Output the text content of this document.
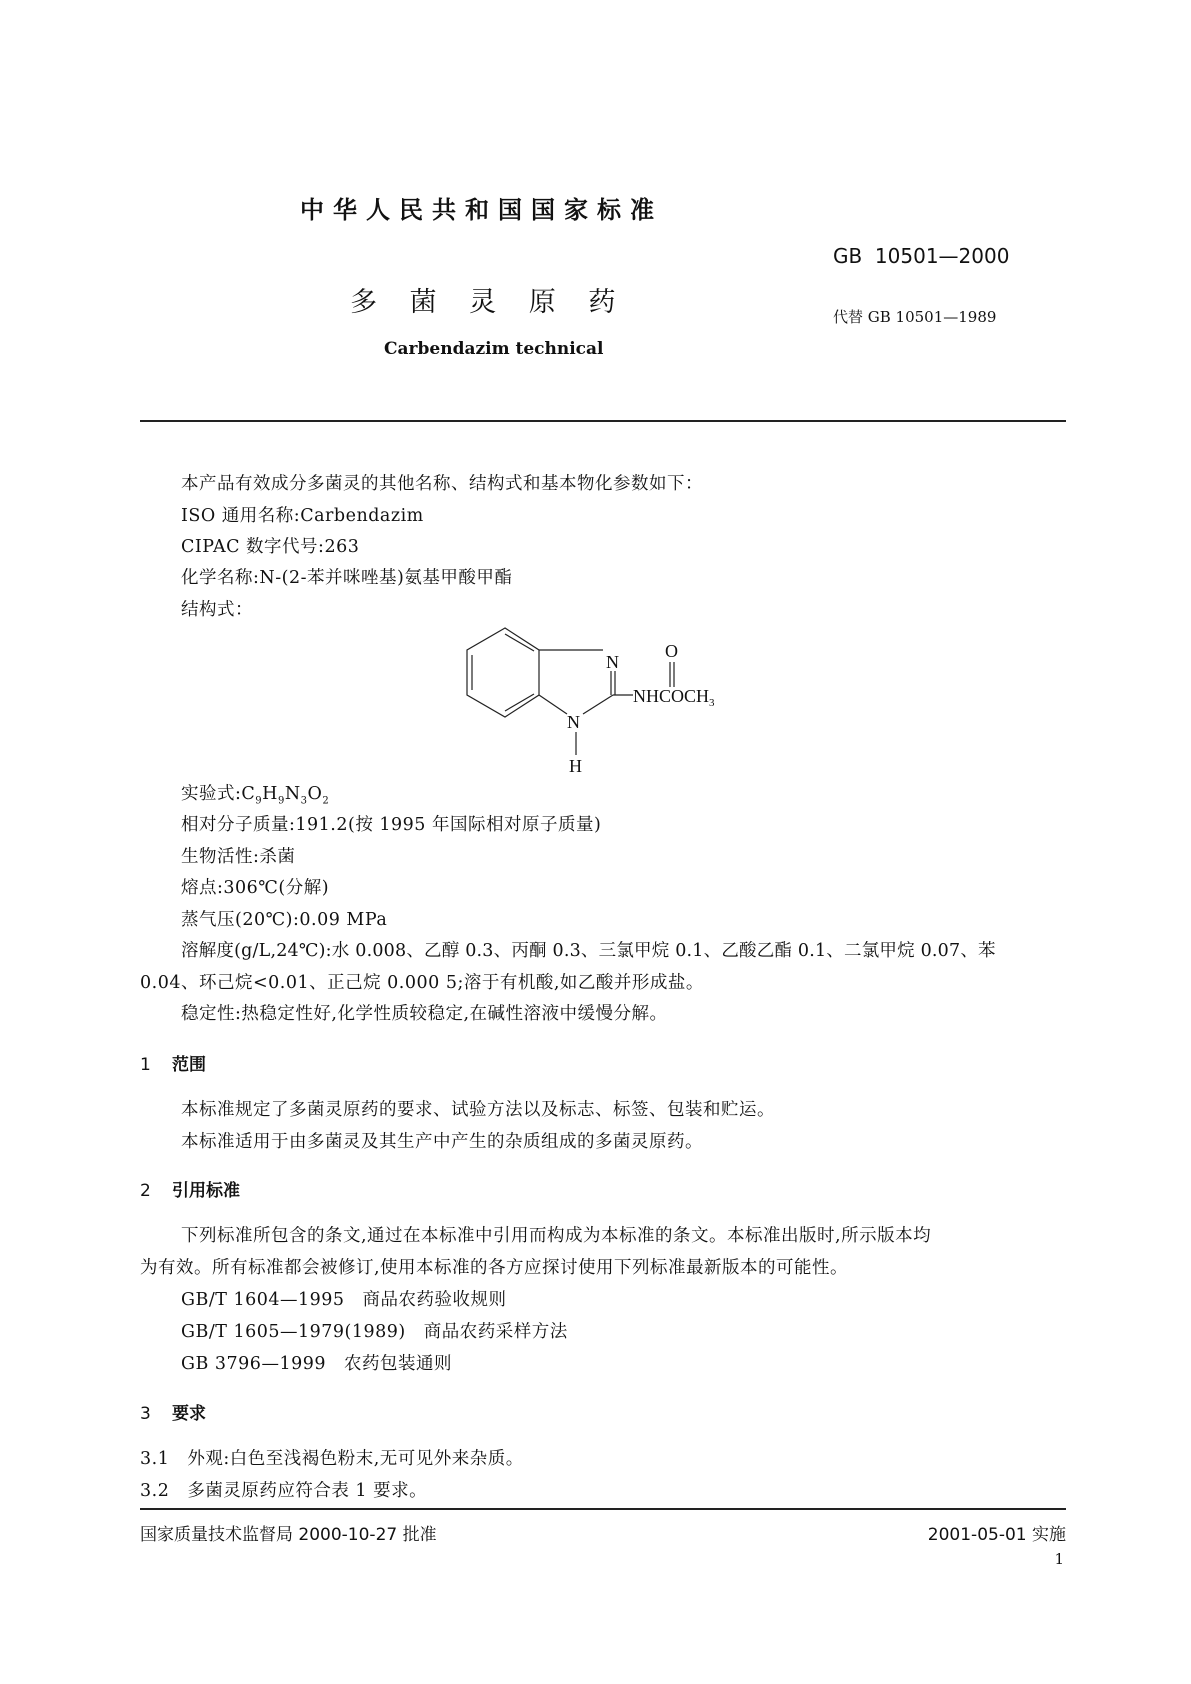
中华人民共和国国家标准
GB  10501—2000
多 菌 灵 原 药	代替 GB 10501—1989
Carbendazim technical
本产品有效成分多菌灵的其他名称、结构式和基本物化参数如下：
ISO 通用名称:Carbendazim
CIPAC 数字代号:263
化学名称:N-(2-苯并咪唑基)氨基甲酸甲酯
结构式：
N
N
H
O
$NHCOCH_3$
实验式$:C_9H_9N_3O_2$
相对分子质量:191.2(按 1995 年国际相对原子质量)
生物活性:杀菌
熔点:306℃(分解)
蒸气压(20℃):0.09 MPa
溶解度(g/L,24℃):水 0.008、乙醇 0.3、丙酮 0.3、三氯甲烷 0.1、乙酸乙酯 0.1、二氯甲烷 0.07、苯
0.04、环己烷<0.01、正己烷 0.000 5;溶于有机酸,如乙酸并形成盐。
稳定性:热稳定性好,化学性质较稳定,在碱性溶液中缓慢分解。
1 范围
本标准规定了多菌灵原药的要求、试验方法以及标志、标签、包装和贮运。
本标准适用于由多菌灵及其生产中产生的杂质组成的多菌灵原药。
2 引用标准
下列标准所包含的条文,通过在本标准中引用而构成为本标准的条文。本标准出版时,所示版本均
为有效。所有标准都会被修订,使用本标准的各方应探讨使用下列标准最新版本的可能性。
GB/T 1604—1995　商品农药验收规则
GB/T 1605—1979(1989)　商品农药采样方法
GB 3796—1999　农药包装通则
3 要求
3.1　外观:白色至浅褐色粉末,无可见外来杂质。
3.2　多菌灵原药应符合表 1 要求。
国家质量技术监督局 2000-10-27 批准	2001-05-01 实施
1
